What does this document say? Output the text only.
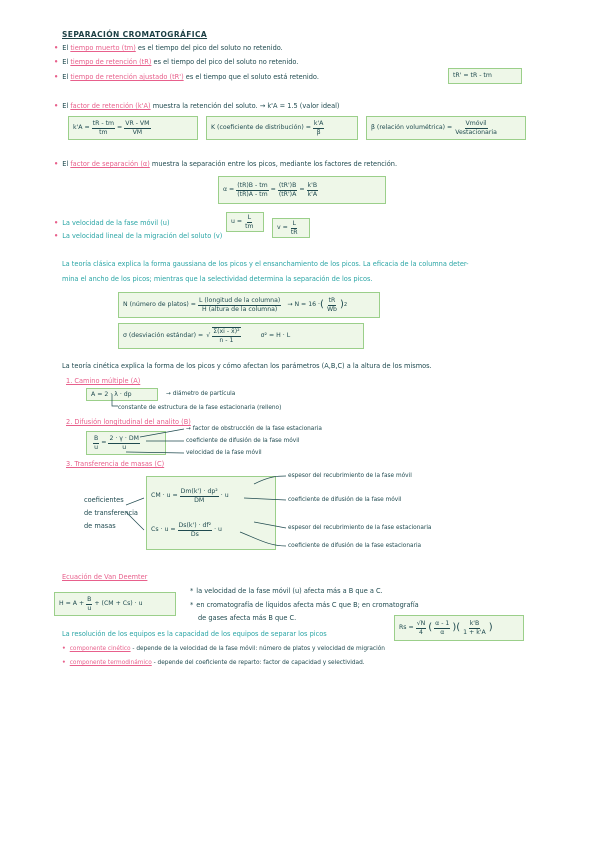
SEPARACIÓN CROMATOGRÁFICA
• El tiempo muerto (tm) es el tiempo del pico del soluto no retenido.
• El tiempo de retención (tR) es el tiempo del pico del soluto no retenido.
• El tiempo de retención ajustado (tR') es el tiempo que el soluto está retenido.	tR' = tR - tm
• El factor de retención (k'A) muestra la retención del soluto. → k'A = 1.5 (valor ideal)
$k'A = \frac{tR - tm}{tm} = \frac{VR - VM}{VM}$	K (coeficiente de distribución) = $\frac{k'A}{\beta}$	β (relación volumétrica) = $\frac{\text{Vmóvil}}{\text{Vestacionaria}}$
• El factor de separación (α) muestra la separación entre los picos, mediante los factores de retención.
$\alpha = \frac{(tR)B - tm}{(tR)A - tm} = \frac{(tR')B}{(tR')A} = \frac{k'B}{k'A}$
• La velocidad de la fase móvil (u)	$u = \frac{L}{tm}$	$v = \frac{L}{tR}$
• La velocidad lineal de la migración del soluto (v)
La teoría clásica explica la forma gaussiana de los picos y el ensanchamiento de los picos. La eficacia de la columna deter-
mina el ancho de los picos; mientras que la selectividad determina la separación de los picos.
N (número de platos) = $\frac{\text{L (longitud de la columna)}}{\text{H (altura de la columna)}} \to N = 16$ · ( $\frac{tR}{Wb}$ ) 2
σ (desviación estándar) = √ $\frac{\text{Σ(xi - x̄)²}}{n - 1}$	σ² = H · L
La teoría cinética explica la forma de los picos y cómo afectan los parámetros (A,B,C) a la altura de los mismos.
1. Camino múltiple (A)
A = 2 · λ · dp	→ diámetro de partícula
constante de estructura de la fase estacionaria (relleno)
2. Difusión longitudinal del analito (B)
$\frac{B}{u} = \frac{2 \cdot \gamma \cdot DM}{u}$
→ factor de obstrucción de la fase estacionaria
coeficiente de difusión de la fase móvil
velocidad de la fase móvil
3. Transferencia de masas (C)
coeficientes
de transferencia
de masas
CM · $u = \frac{\text{Dm(k') · dp²}}{DM} \cdot u$
$Cs \cdot u = \frac{\text{Ds(k') · df²}}{Ds} \cdot u$
espesor del recubrimiento de la fase móvil
coeficiente de difusión de la fase móvil
espesor del recubrimiento de la fase estacionaria
coeficiente de difusión de la fase estacionaria
Ecuación de Van Deemter
$H = A + \frac{B}{u} + (CM + Cs) \cdot u$
* la velocidad de la fase móvil (u) afecta más a B que a C.
* en cromatografía de líquidos afecta más C que B; en cromatografía
de gases afecta más B que C.
La resolución de los equipos es la capacidad de los equipos de separar los picos
$Rs = \frac{√N}{4}$ ( $\frac{\alpha - 1}{\alpha}$ ) ( $\frac{k'B}{1 + k'A}$ )
• componente cinético - depende de la velocidad de la fase móvil: número de platos y velocidad de migración
• componente termodinámico - depende del coeficiente de reparto: factor de capacidad y selectividad.
